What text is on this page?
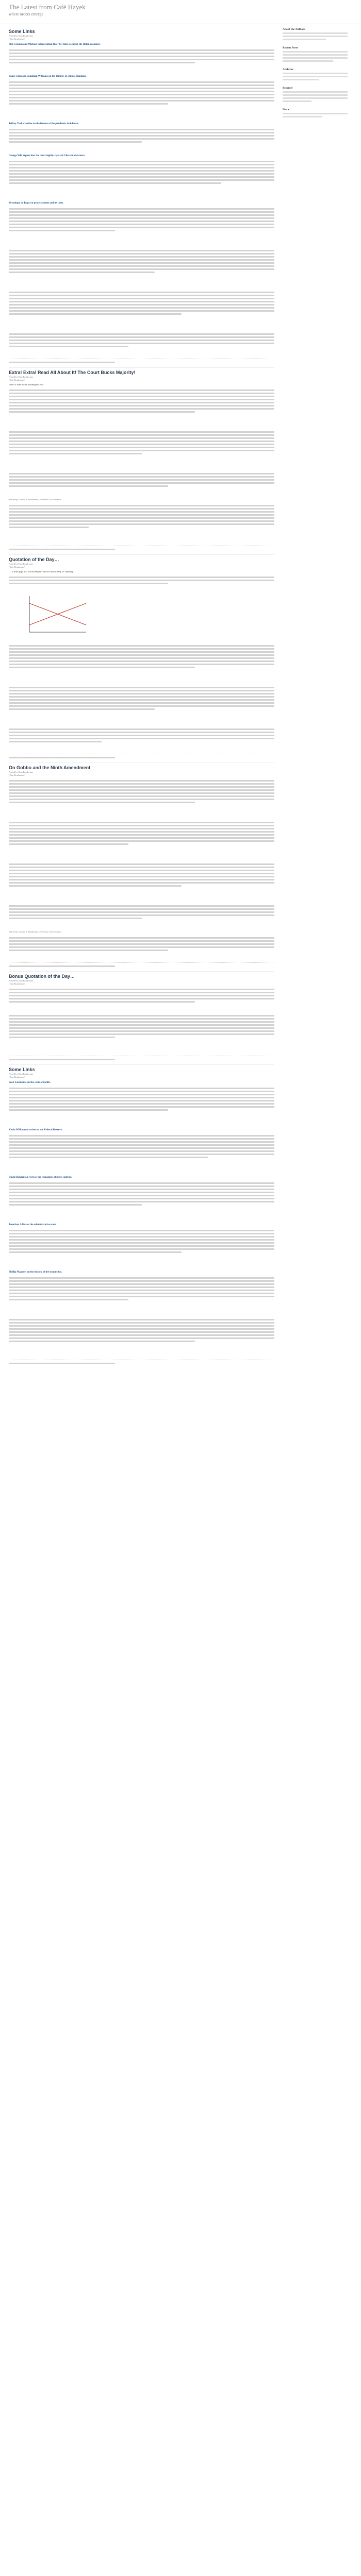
The Latest from Café Hayek
where orders emerge
Some Links
Posted by Don Boudreaux
(Don Boudreaux)
Phil Gramm and Michael Solon explain that 'It's time to sunset the Biden economy.'
Vance Ginn and Jonathan Williams on the failures of central planning.
Jeffrey Tucker writes on the lessons of the pandemic lockdowns.
George Will argues that the court rightly rejected Chevron deference.
Veronique de Rugy on protectionism and its costs.
Extra! Extra! Read All About It! The Court Bucks Majority!
Posted by Don Boudreaux
(Don Boudreaux)
Here's a letter to the Washington Post.
Sincerely, Donald J. Boudreaux, Professor of Economics
Quotation of the Day…
Posted by Don Boudreaux
(Don Boudreaux)
… is from page 107 of Paul Heyne's The Economic Way of Thinking:
On Gobbo and the Ninth Amendment
Posted by Don Boudreaux
(Don Boudreaux)
Sincerely, Donald J. Boudreaux, Professor of Economics
Bonus Quotation of the Day…
Posted by Don Boudreaux
(Don Boudreaux)
Some Links
Posted by Don Boudreaux
(Don Boudreaux)
Scott Lincicome on the costs of tariffs.
Kevin Williamson writes on the Federal Reserve.
David Henderson reviews the economics of price controls.
Jonathan Adler on the administrative state.
Phillip Magness on the history of the income tax.
About the Authors
Recent Posts
Archives
Blogroll
Meta
